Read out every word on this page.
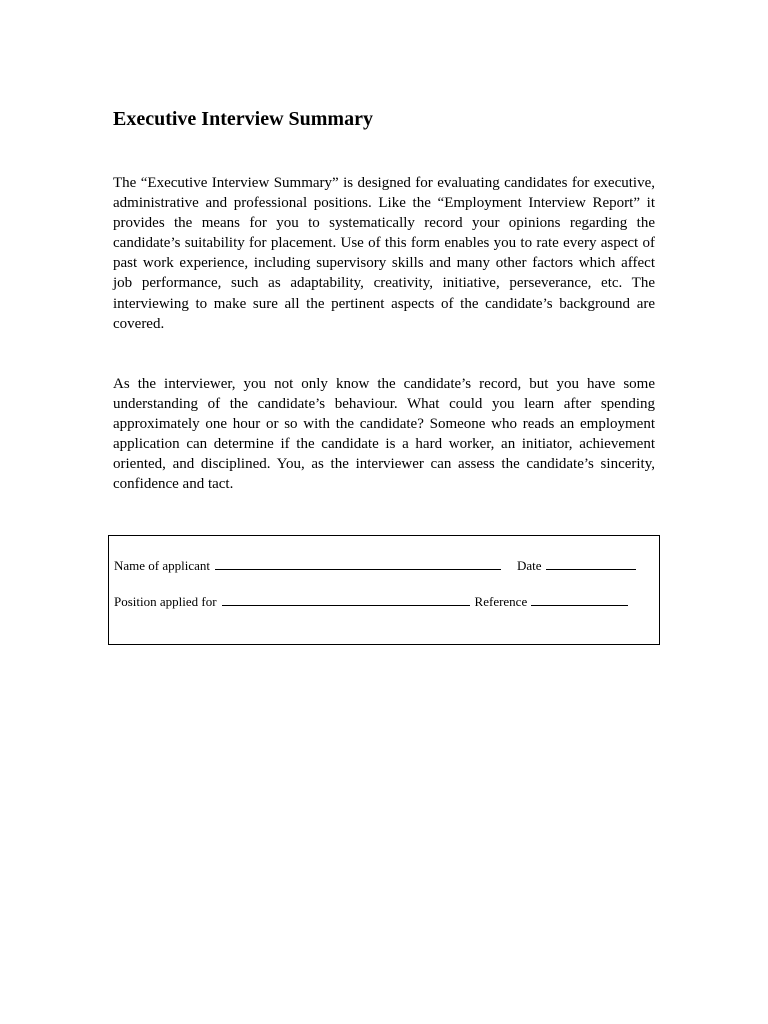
Executive Interview Summary

The “Executive Interview Summary” is designed for evaluating candidates for executive, administrative and professional positions. Like the “Employment Interview Report” it provides the means for you to systematically record your opinions regarding the candidate’s suitability for placement. Use of this form enables you to rate every aspect of past work experience, including supervisory skills and many other factors which affect job performance, such as adaptability, creativity, initiative, perseverance, etc. The interviewing to make sure all the pertinent aspects of the candidate’s background are covered.

As the interviewer, you not only know the candidate’s record, but you have some understanding of the candidate’s behaviour. What could you learn after spending approximately one hour or so with the candidate? Someone who reads an employment application can determine if the candidate is a hard worker, an initiator, achievement oriented, and disciplined. You, as the interviewer can assess the candidate’s sincerity, confidence and tact.

Name of applicant	Date
Position applied for	Reference
